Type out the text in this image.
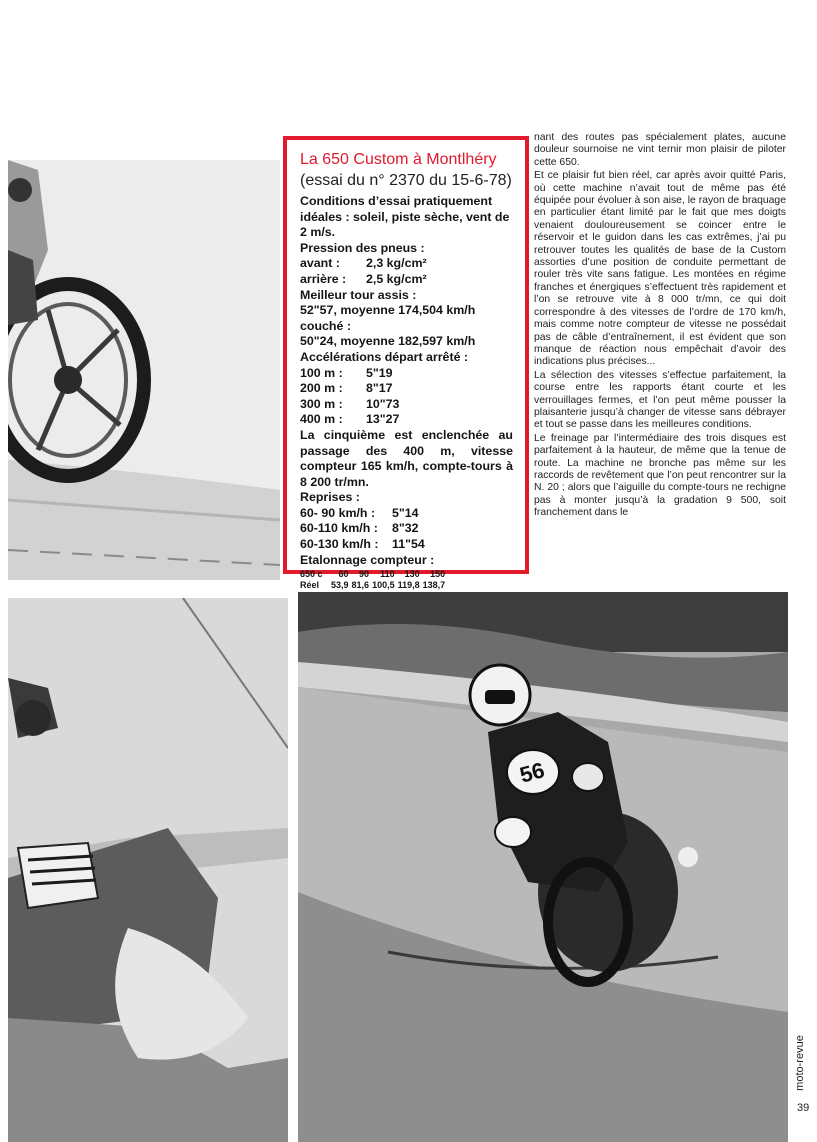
56

La 650 Custom à Montlhéry

(essai du n° 2370 du 15-6-78)

Conditions d’essai pratiquement idéales : soleil, piste sèche, vent de 2 m/s.

Pression des pneus :

avant :	2,3 kg/cm²
arrière :	2,5 kg/cm²

Meilleur tour assis :

52"57, moyenne 174,504 km/h

couché :

50"24, moyenne 182,597 km/h

Accélérations départ arrêté :

100 m :	5"19
200 m :	8"17
300 m :	10"73
400 m :	13"27

La cinquième est enclenchée au passage des 400 m, vitesse compteur 165 km/h, compte-tours à 8 200 tr/mn.

Reprises :

60- 90 km/h :	5"14
60-110 km/h :	8"32
60-130 km/h :	11"54

Etalonnage compteur :

650 c	60	90	110	130	150
Réel	53,9	81,6	100,5	119,8	138,7

nant des routes pas spécialement plates, aucune douleur sournoise ne vint ternir mon plaisir de piloter cette 650.

Et ce plaisir fut bien réel, car après avoir quitté Paris, où cette machine n’avait tout de même pas été équipée pour évoluer à son aise, le rayon de braquage en particulier étant limité par le fait que mes doigts venaient douloureusement se coincer entre le réservoir et le guidon dans les cas extrêmes, j’ai pu retrouver toutes les qualités de base de la Custom assorties d’une position de conduite permettant de rouler très vite sans fatigue. Les montées en régime franches et énergiques s’effectuent très rapidement et l’on se retrouve vite à 8 000 tr/mn, ce qui doit correspondre à des vitesses de l’ordre de 170 km/h, mais comme notre compteur de vitesse ne possédait pas de câble d’entraînement, il est évident que son manque de réaction nous empêchait d’avoir des indications plus précises...

La sélection des vitesses s’effectue parfaitement, la course entre les rapports étant courte et les verrouillages fermes, et l’on peut même pousser la plaisanterie jusqu’à changer de vitesse sans débrayer et tout se passe dans les meilleures conditions.

Le freinage par l’intermédiaire des trois disques est parfaitement à la hauteur, de même que la tenue de route. La machine ne bronche pas même sur les raccords de revêtement que l’on peut rencontrer sur la N. 20 ; alors que l’aiguille du compte-tours ne rechigne pas à monter jusqu’à la gradation 9 500, soit franchement dans le

moto-revue
39
